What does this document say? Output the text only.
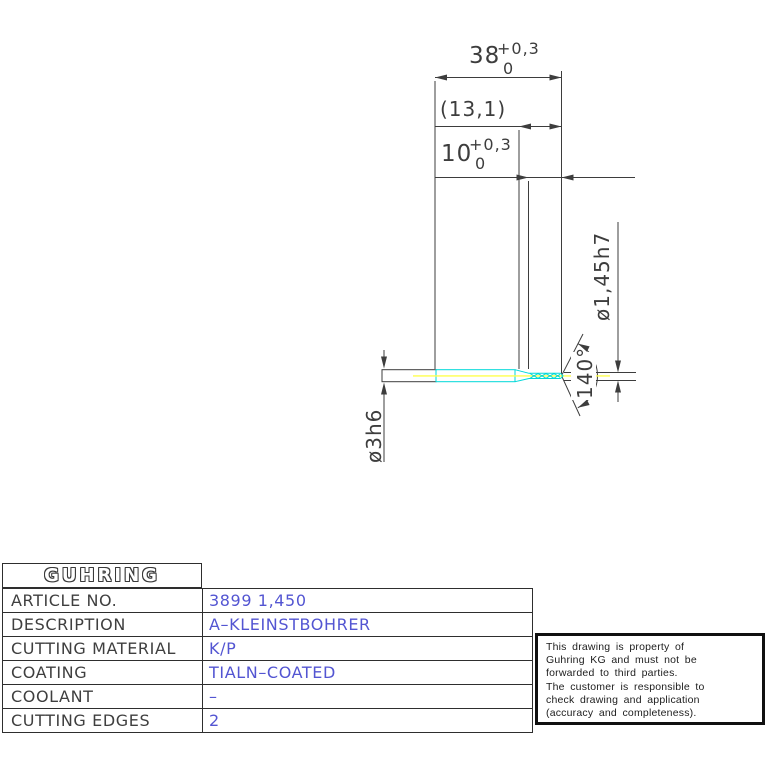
38
+0,3
0
(13,1)
10
+0,3
0
ø1,45h7
ø3h6
140°
GUHRING
ARTICLE NO.	3899 1,450
DESCRIPTION	A–KLEINSTBOHRER
CUTTING MATERIAL	K/P
COATING	TIALN–COATED
COOLANT	–
CUTTING EDGES	2
This drawing is property of
Guhring KG and must not be
forwarded to third parties.
The customer is responsible to
check drawing and application
(accuracy and completeness).
